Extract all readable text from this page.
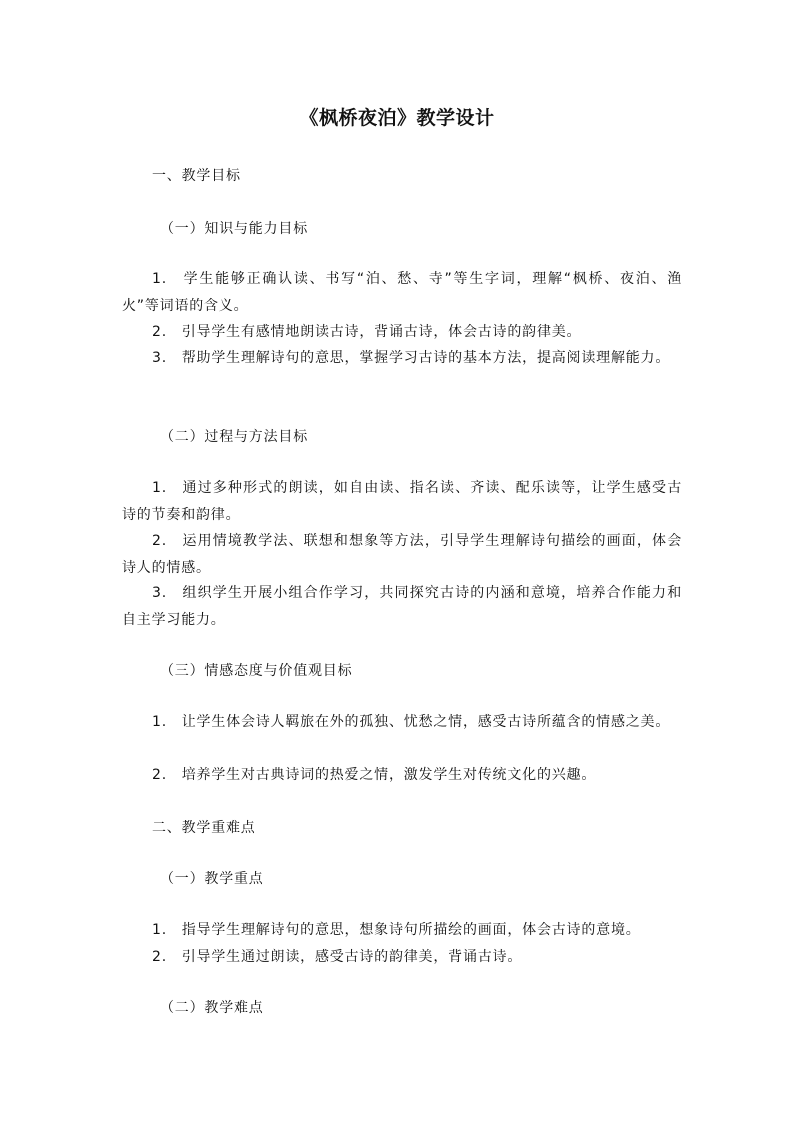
《枫桥夜泊》教学设计
一、教学目标
（一）知识与能力目标
1.　学生能够正确认读、书写“泊、愁、寺”等生字词，理解“枫桥、夜泊、渔火”等词语的含义。
2.　引导学生有感情地朗读古诗，背诵古诗，体会古诗的韵律美。
3.　帮助学生理解诗句的意思，掌握学习古诗的基本方法，提高阅读理解能力。
（二）过程与方法目标
1.　通过多种形式的朗读，如自由读、指名读、齐读、配乐读等，让学生感受古诗的节奏和韵律。
2.　运用情境教学法、联想和想象等方法，引导学生理解诗句描绘的画面，体会诗人的情感。
3.　组织学生开展小组合作学习，共同探究古诗的内涵和意境，培养合作能力和自主学习能力。
（三）情感态度与价值观目标
1.　让学生体会诗人羁旅在外的孤独、忧愁之情，感受古诗所蕴含的情感之美。
2.　培养学生对古典诗词的热爱之情，激发学生对传统文化的兴趣。
二、教学重难点
（一）教学重点
1.　指导学生理解诗句的意思，想象诗句所描绘的画面，体会古诗的意境。
2.　引导学生通过朗读，感受古诗的韵律美，背诵古诗。
（二）教学难点
